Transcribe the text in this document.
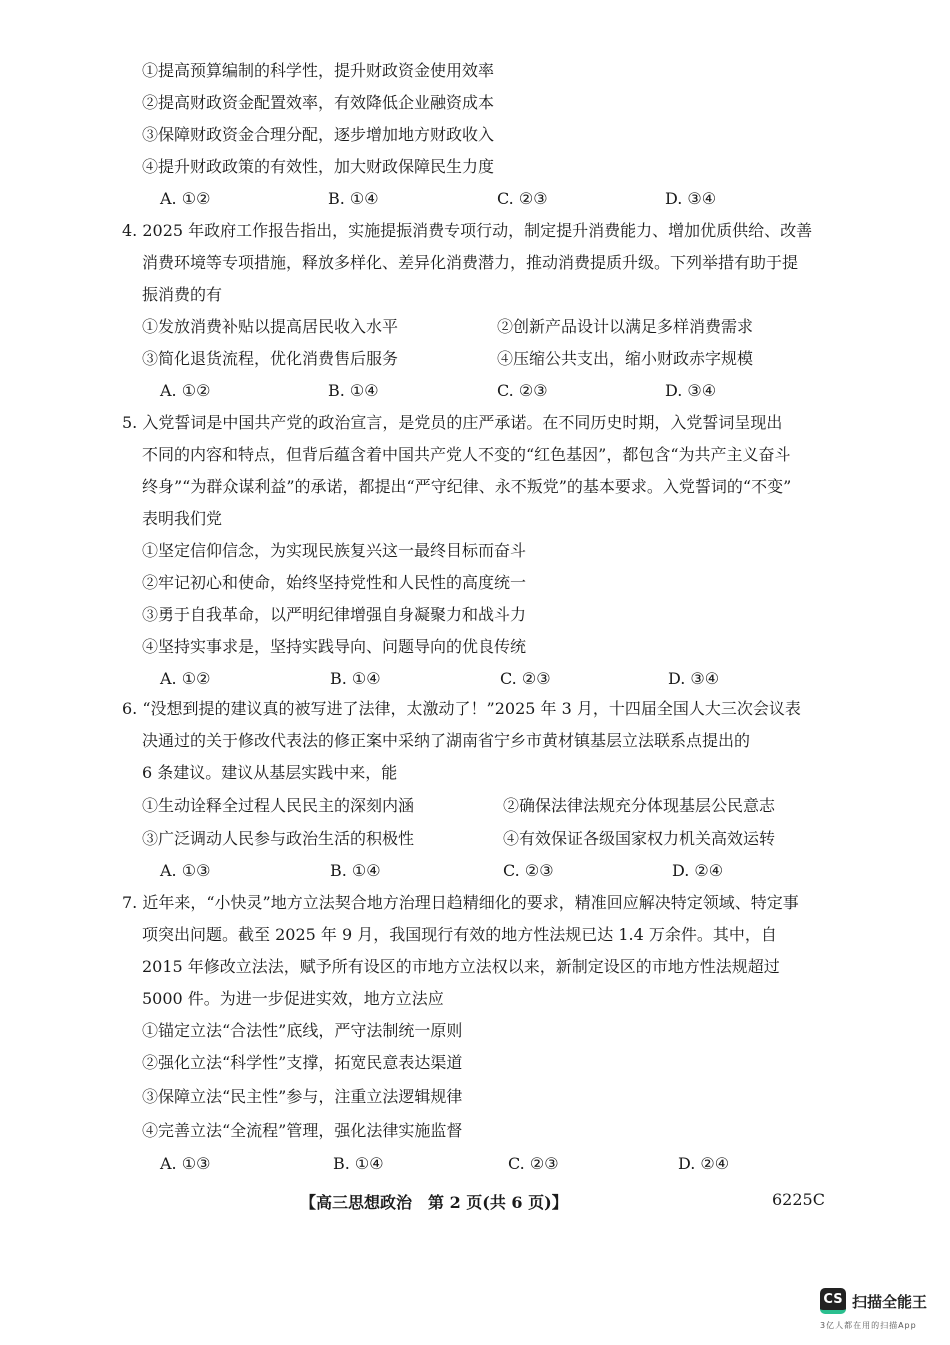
①提高预算编制的科学性，提升财政资金使用效率
②提高财政资金配置效率，有效降低企业融资成本
③保障财政资金合理分配，逐步增加地方财政收入
④提升财政政策的有效性，加大财政保障民生力度
A. ①②	B. ①④	C. ②③	D. ③④
4. 2025 年政府工作报告指出，实施提振消费专项行动，制定提升消费能力、增加优质供给、改善
消费环境等专项措施，释放多样化、差异化消费潜力，推动消费提质升级。下列举措有助于提
振消费的有
①发放消费补贴以提高居民收入水平	②创新产品设计以满足多样消费需求
③简化退货流程，优化消费售后服务	④压缩公共支出，缩小财政赤字规模
A. ①②	B. ①④	C. ②③	D. ③④
5. 入党誓词是中国共产党的政治宣言，是党员的庄严承诺。在不同历史时期，入党誓词呈现出
不同的内容和特点，但背后蕴含着中国共产党人不变的“红色基因”，都包含“为共产主义奋斗
终身”“为群众谋利益”的承诺，都提出“严守纪律、永不叛党”的基本要求。入党誓词的“不变”
表明我们党
①坚定信仰信念，为实现民族复兴这一最终目标而奋斗
②牢记初心和使命，始终坚持党性和人民性的高度统一
③勇于自我革命，以严明纪律增强自身凝聚力和战斗力
④坚持实事求是，坚持实践导向、问题导向的优良传统
A. ①②	B. ①④	C. ②③	D. ③④
6. “没想到提的建议真的被写进了法律，太激动了！”2025 年 3 月，十四届全国人大三次会议表
决通过的关于修改代表法的修正案中采纳了湖南省宁乡市黄材镇基层立法联系点提出的
6 条建议。建议从基层实践中来，能
①生动诠释全过程人民民主的深刻内涵	②确保法律法规充分体现基层公民意志
③广泛调动人民参与政治生活的积极性	④有效保证各级国家权力机关高效运转
A. ①③	B. ①④	C. ②③	D. ②④
7. 近年来，“小快灵”地方立法契合地方治理日趋精细化的要求，精准回应解决特定领域、特定事
项突出问题。截至 2025 年 9 月，我国现行有效的地方性法规已达 1.4 万余件。其中，自
2015 年修改立法法，赋予所有设区的市地方立法权以来，新制定设区的市地方性法规超过
5000 件。为进一步促进实效，地方立法应
①锚定立法“合法性”底线，严守法制统一原则
②强化立法“科学性”支撑，拓宽民意表达渠道
③保障立法“民主性”参与，注重立法逻辑规律
④完善立法“全流程”管理，强化法律实施监督
A. ①③	B. ①④	C. ②③	D. ②④
【高三思想政治　第 2 页(共 6 页)】	6225C
CS 扫描全能王
3亿人都在用的扫描App
